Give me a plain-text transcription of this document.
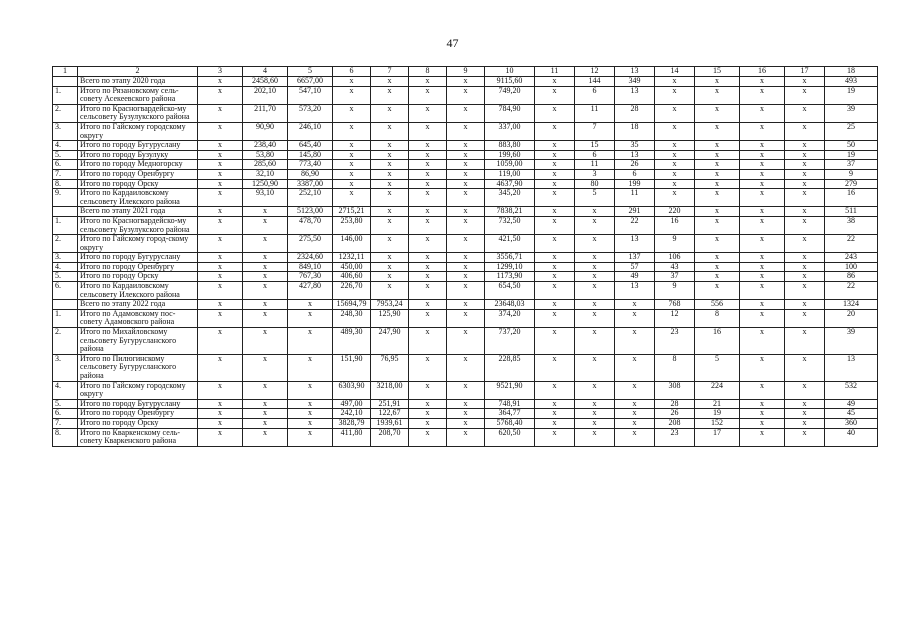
47
1	2	3	4	5	6	7	8	9	10	11	12	13	14	15	16	17	18
	Всего по этапу 2020 года	х	2458,60	6657,00	х	х	х	х	9115,60	х	144	349	х	х	х	х	493
1.	Итого по Рязановскому сель-совету Асекеевского района	х	202,10	547,10	х	х	х	х	749,20	х	6	13	х	х	х	х	19
2.	Итого по Красногвардейско-му сельсовету Бузулукского района	х	211,70	573,20	х	х	х	х	784,90	х	11	28	х	х	х	х	39
3.	Итого по Гайскому городскому округу	х	90,90	246,10	х	х	х	х	337,00	х	7	18	х	х	х	х	25
4.	Итого по городу Бугуруслану	х	238,40	645,40	х	х	х	х	883,80	х	15	35	х	х	х	х	50
5.	Итого по городу Бузулуку	х	53,80	145,80	х	х	х	х	199,60	х	6	13	х	х	х	х	19
6.	Итого по городу Медногорску	х	285,60	773,40	х	х	х	х	1059,00	х	11	26	х	х	х	х	37
7.	Итого по городу Оренбургу	х	32,10	86,90	х	х	х	х	119,00	х	3	6	х	х	х	х	9
8.	Итого по городу Орску	х	1250,90	3387,00	х	х	х	х	4637,90	х	80	199	х	х	х	х	279
9.	Итого по Кардаиловскому сельсовету Илекского района	х	93,10	252,10	х	х	х	х	345,20	х	5	11	х	х	х	х	16
	Всего по этапу 2021 года	х	х	5123,00	2715,21	х	х	х	7838,21	х	х	291	220	х	х	х	511
1.	Итого по Красногвардейско-му сельсовету Бузулукского района	х	х	478,70	253,80	х	х	х	732,50	х	х	22	16	х	х	х	38
2.	Итого по Гайскому город-скому округу	х	х	275,50	146,00	х	х	х	421,50	х	х	13	9	х	х	х	22
3.	Итого по городу Бугуруслану	х	х	2324,60	1232,11	х	х	х	3556,71	х	х	137	106	х	х	х	243
4.	Итого по городу Оренбургу	х	х	849,10	450,00	х	х	х	1299,10	х	х	57	43	х	х	х	100
5.	Итого по городу Орску	х	х	767,30	406,60	х	х	х	1173,90	х	х	49	37	х	х	х	86
6.	Итого по Кардаиловскому сельсовету Илекского района	х	х	427,80	226,70	х	х	х	654,50	х	х	13	9	х	х	х	22
	Всего по этапу 2022 года	х	х	х	15694,79	7953,24	х	х	23648,03	х	х	х	768	556	х	х	1324
1.	Итого по Адамовскому пос-совету Адамовского района	х	х	х	248,30	125,90	х	х	374,20	х	х	х	12	8	х	х	20
2.	Итого по Михайловскому сельсовету Бугурусланского района	х	х	х	489,30	247,90	х	х	737,20	х	х	х	23	16	х	х	39
3.	Итого по Пилюгинскому сельсовету Бугурусланского района	х	х	х	151,90	76,95	х	х	228,85	х	х	х	8	5	х	х	13
4.	Итого по Гайскому городскому округу	х	х	х	6303,90	3218,00	х	х	9521,90	х	х	х	308	224	х	х	532
5.	Итого по городу Бугуруслану	х	х	х	497,00	251,91	х	х	748,91	х	х	х	28	21	х	х	49
6.	Итого по городу Оренбургу	х	х	х	242,10	122,67	х	х	364,77	х	х	х	26	19	х	х	45
7.	Итого по городу Орску	х	х	х	3828,79	1939,61	х	х	5768,40	х	х	х	208	152	х	х	360
8.	Итого по Кваркенскому сель-совету Кваркенского района	х	х	х	411,80	208,70	х	х	620,50	х	х	х	23	17	х	х	40
